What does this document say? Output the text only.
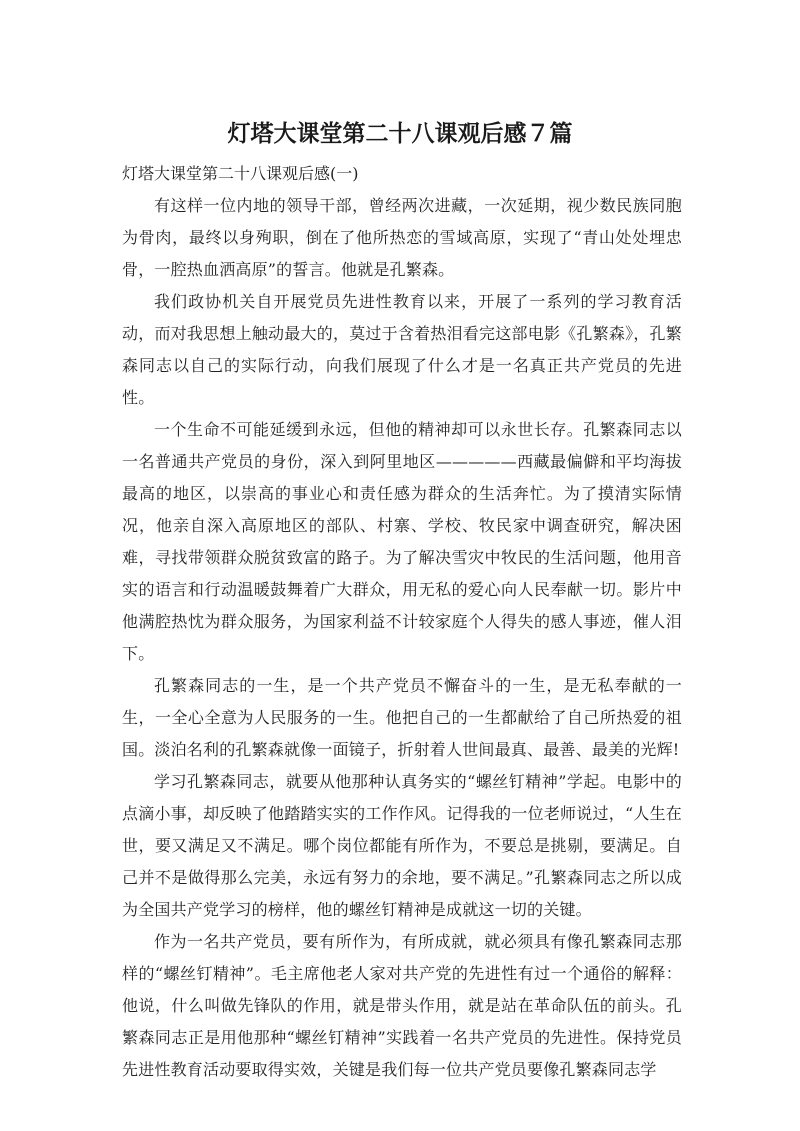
灯塔大课堂第二十八课观后感７篇
灯塔大课堂第二十八课观后感(一)

有这样一位内地的领导干部，曾经两次进藏，一次延期，视少数民族同胞为骨肉，最终以身殉职，倒在了他所热恋的雪域高原，实现了“青山处处埋忠骨，一腔热血洒高原”的誓言。他就是孔繁森。

我们政协机关自开展党员先进性教育以来，开展了一系列的学习教育活动，而对我思想上触动最大的，莫过于含着热泪看完这部电影《孔繁森》，孔繁森同志以自己的实际行动，向我们展现了什么才是一名真正共产党员的先进性。

一个生命不可能延缓到永远，但他的精神却可以永世长存。孔繁森同志以一名普通共产党员的身份，深入到阿里地区—————西藏最偏僻和平均海拔最高的地区，以崇高的事业心和责任感为群众的生活奔忙。为了摸清实际情况，他亲自深入高原地区的部队、村寨、学校、牧民家中调查研究，解决困难，寻找带领群众脱贫致富的路子。为了解决雪灾中牧民的生活问题，他用音实的语言和行动温暖鼓舞着广大群众，用无私的爱心向人民奉献一切。影片中他满腔热忱为群众服务，为国家利益不计较家庭个人得失的感人事迹，催人泪下。

孔繁森同志的一生，是一个共产党员不懈奋斗的一生，是无私奉献的一生，一全心全意为人民服务的一生。他把自己的一生都献给了自己所热爱的祖国。淡泊名利的孔繁森就像一面镜子，折射着人世间最真、最善、最美的光辉!

学习孔繁森同志，就要从他那种认真务实的“螺丝钉精神”学起。电影中的点滴小事，却反映了他踏踏实实的工作作风。记得我的一位老师说过，“人生在世，要又满足又不满足。哪个岗位都能有所作为，不要总是挑剔，要满足。自己并不是做得那么完美，永远有努力的余地，要不满足。”孔繁森同志之所以成为全国共产党学习的榜样，他的螺丝钉精神是成就这一切的关键。

作为一名共产党员，要有所作为，有所成就，就必须具有像孔繁森同志那样的“螺丝钉精神”。毛主席他老人家对共产党的先进性有过一个通俗的解释：他说，什么叫做先锋队的作用，就是带头作用，就是站在革命队伍的前头。孔繁森同志正是用他那种“螺丝钉精神”实践着一名共产党员的先进性。保持党员先进性教育活动要取得实效，关键是我们每一位共产党员要像孔繁森同志学
